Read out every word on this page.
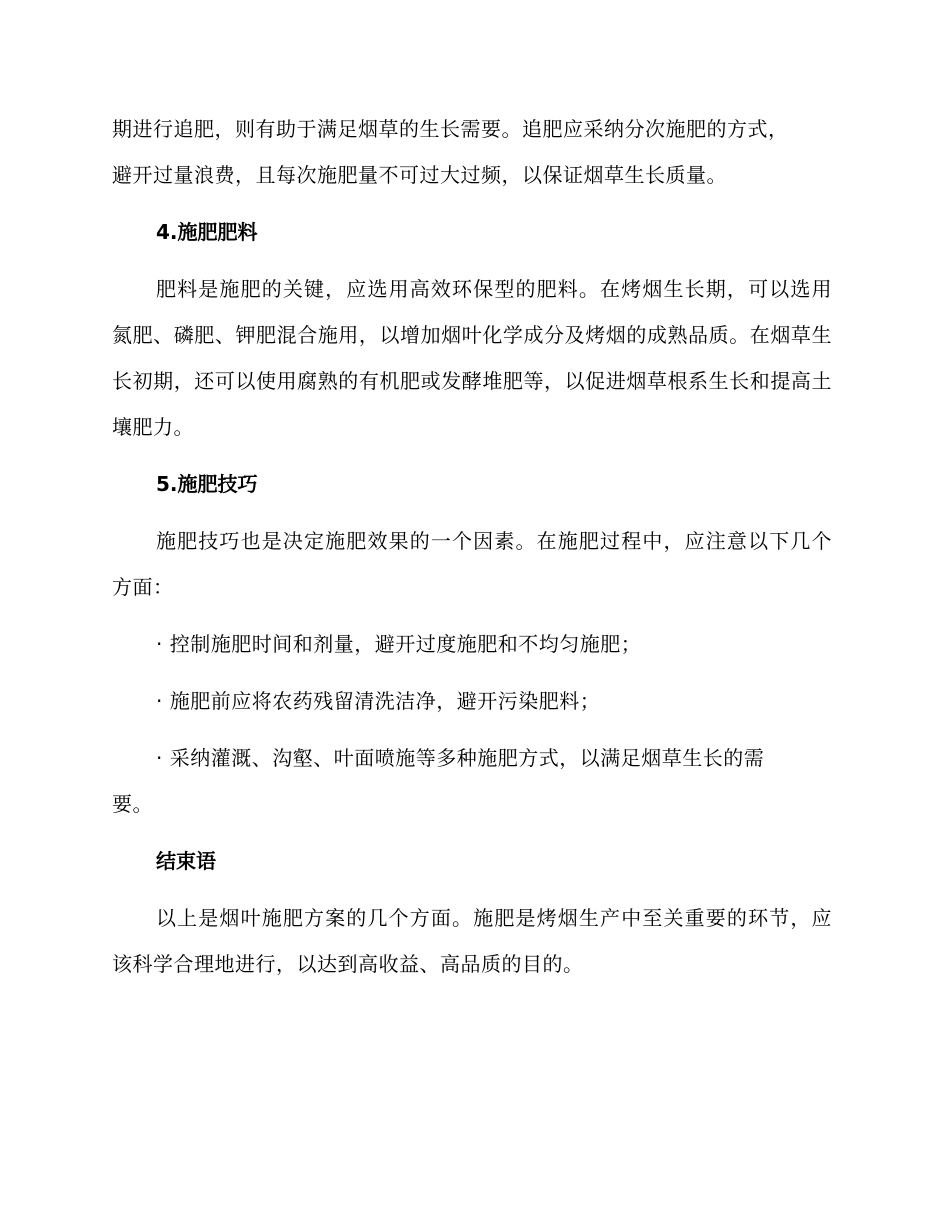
期进行追肥，则有助于满足烟草的生长需要。追肥应采纳分次施肥的方式，
避开过量浪费，且每次施肥量不可过大过频，以保证烟草生长质量。

4.施肥肥料

肥料是施肥的关键，应选用高效环保型的肥料。在烤烟生长期，可以选用氮肥、磷肥、钾肥混合施用，以增加烟叶化学成分及烤烟的成熟品质。在烟草生长初期，还可以使用腐熟的有机肥或发酵堆肥等，以促进烟草根系生长和提高土壤肥力。

5.施肥技巧

施肥技巧也是决定施肥效果的一个因素。在施肥过程中，应注意以下几个方面：

· 控制施肥时间和剂量，避开过度施肥和不均匀施肥；

· 施肥前应将农药残留清洗洁净，避开污染肥料；

· 采纳灌溉、沟壑、叶面喷施等多种施肥方式，以满足烟草生长的需
要。

结束语

以上是烟叶施肥方案的几个方面。施肥是烤烟生产中至关重要的环节，应该科学合理地进行，以达到高收益、高品质的目的。
